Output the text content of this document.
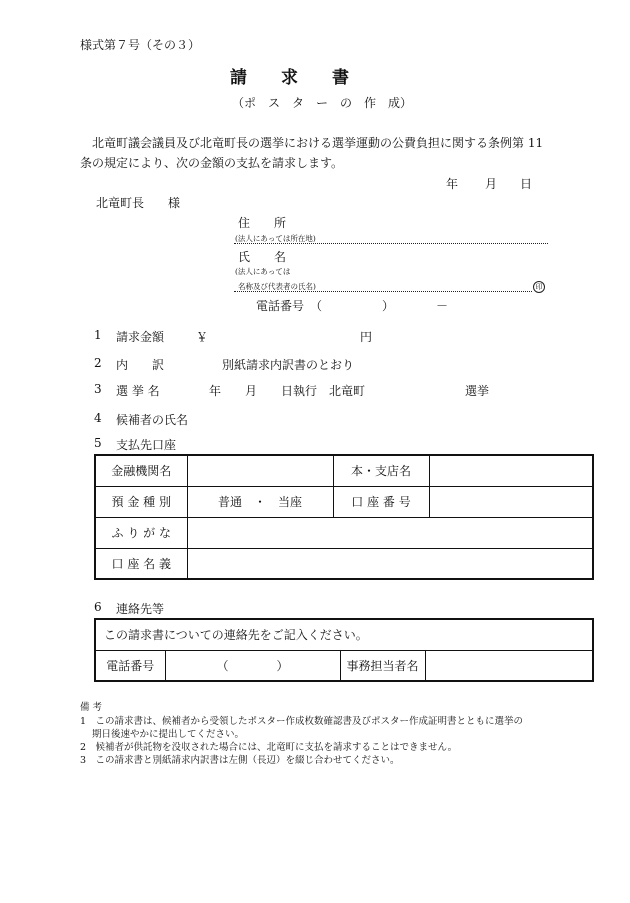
様式第７号（その３）
請　　求　　書
（ポ　ス　タ　ー　の　作　成）
北竜町議会議員及び北竜町長の選挙における選挙運動の公費負担に関する条例第 11
条の規定により、次の金額の支払を請求します。
年 月 日
北竜町長　　様
住　　所
(法人にあっては所在地)
氏　　名
(法人にあっては
名称及び代表者の氏名)	印
電話番号　（　　　　　）　　　　－
1 請求金額	￥	円
2 内　　訳	別紙請求内訳書のとおり
3 選 挙 名	年　　月　　日執行　北竜町	選挙
4 候補者の氏名
5 支払先口座
金融機関名		本・支店名	
預 金 種 別	普通　・　当座	口 座 番 号	
ふ り が な			
口 座 名 義			
6 連絡先等
この請求書についての連絡先をご記入ください。
電話番号	（　　　　）	事務担当者名	
備 考
1　この請求書は、候補者から受領したポスター作成枚数確認書及びポスター作成証明書とともに選挙の
期日後速やかに提出してください。
2　候補者が供託物を没収された場合には、北竜町に支払を請求することはできません。
3　この請求書と別紙請求内訳書は左側（長辺）を綴じ合わせてください。
